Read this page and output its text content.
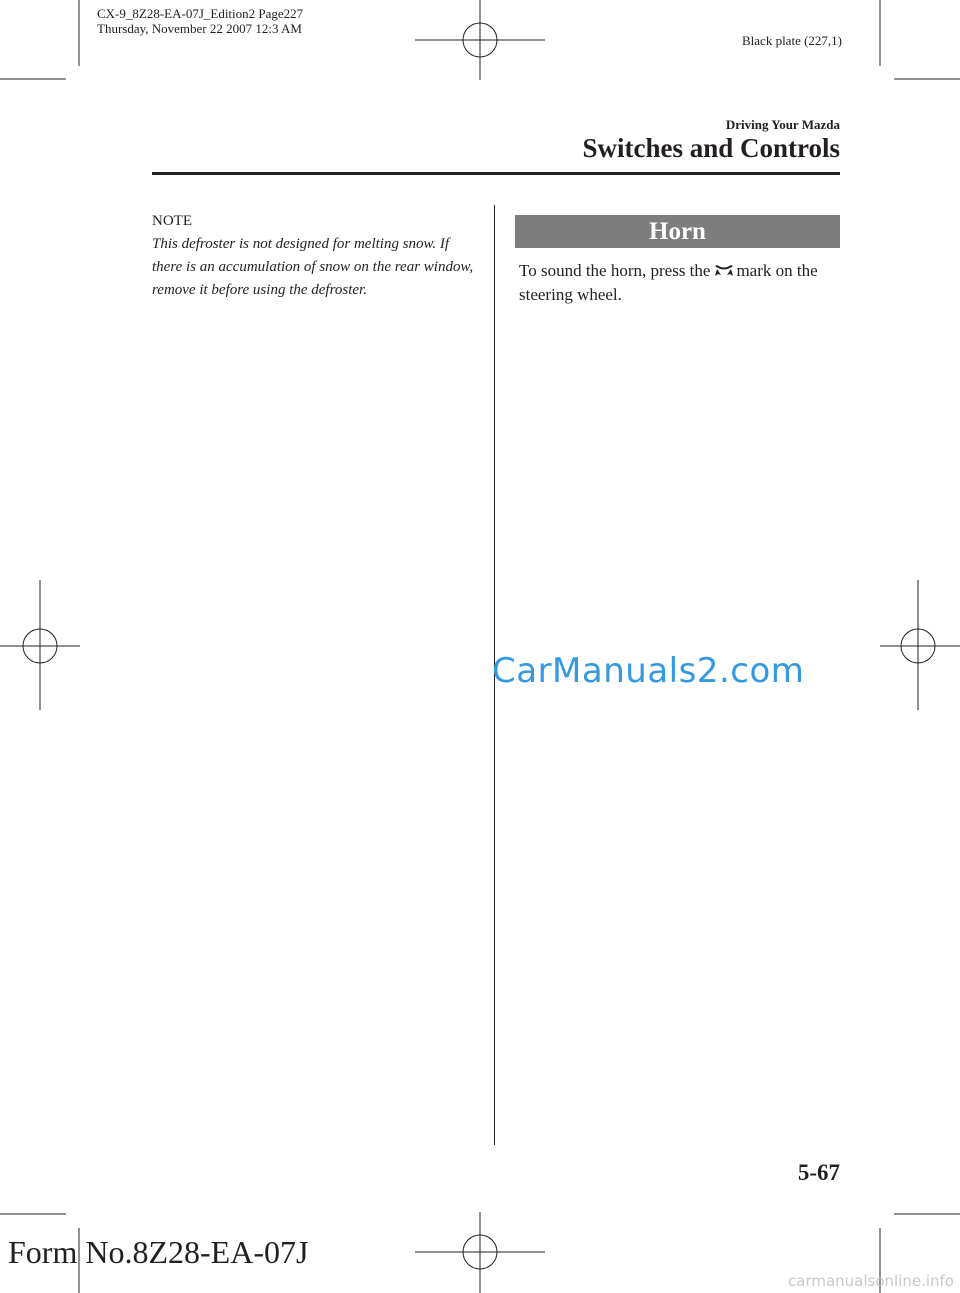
CX-9_8Z28-EA-07J_Edition2 Page227
Thursday, November 22 2007 12:3 AM
Black plate (227,1)
Driving Your Mazda
Switches and Controls
NOTE
This defroster is not designed for melting snow. If there is an accumulation of snow on the rear window, remove it before using the defroster.
Horn
To sound the horn, press the mark on the steering wheel.
CarManuals2.com
5-67
Form No.8Z28-EA-07J
carmanualsonline.info
